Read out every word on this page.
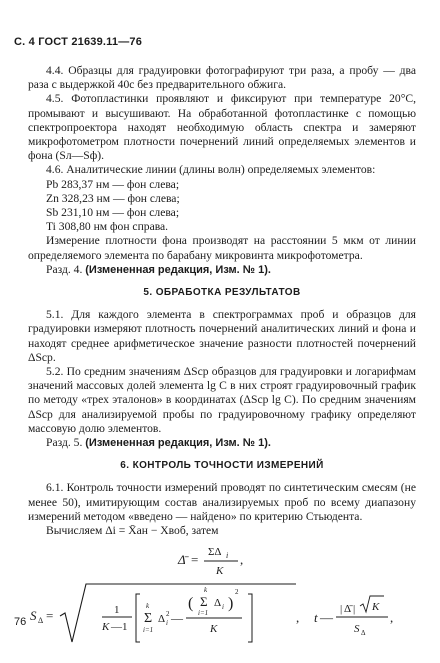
С. 4 ГОСТ 21639.11—76

4.4. Образцы для градуировки фотографируют три раза, а пробу — два раза с выдержкой 40с без предварительного обжига.

4.5. Фотопластинки проявляют и фиксируют при температуре 20°С, промывают и высушивают. На обработанной фотопластинке с помощью спектропроектора находят необходимую область спектра и замеряют микрофотометром плотности почернений линий определяемых элементов и фона (Sл—Sф).

4.6. Аналитические линии (длины волн) определяемых элементов:

Pb 283,37 нм — фон слева;
Zn 328,23 нм — фон слева;
Sb 231,10 нм — фон слева;
Ti 308,80 нм фон справа.

Измерение плотности фона производят на расстоянии 5 мкм от линии определяемого элемента по барабану микровинта микрофотометра.

Разд. 4. (Измененная редакция, Изм. № 1).

5. ОБРАБОТКА РЕЗУЛЬТАТОВ

5.1. Для каждого элемента в спектрограммах проб и образцов для градуировки измеряют плотность почернений аналитических линий и фона и находят среднее арифметическое значение разности плотностей почернений ΔSср.

5.2. По средним значениям ΔSср образцов для градуировки и логарифмам значений массовых долей элемента lg C в них строят градуировочный график по методу «трех эталонов» в координатах (ΔSср lg C). По средним значениям ΔSср для анализируемой пробы по градуировочному графику определяют массовую долю элементов.

Разд. 5. (Измененная редакция, Изм. № 1).

6. КОНТРОЛЬ ТОЧНОСТИ ИЗМЕРЕНИЙ

6.1. Контроль точности измерений проводят по синтетическим смесям (не менее 50), имитирующим состав анализируемых проб по всему диапазону измерений методом «введено — найдено» по критерию Стьюдента.

Вычисляем Δi = X̄ан − Xвоб, затем

Δ̄ = ΣΔ i
K
,
S Δ =	1
K —1
k
Σ
i=1
Δ 2
i —
(
k
Σ
i=1
Δ i )
2
K
, t —
| Δ̄ | K
S Δ
,
76
